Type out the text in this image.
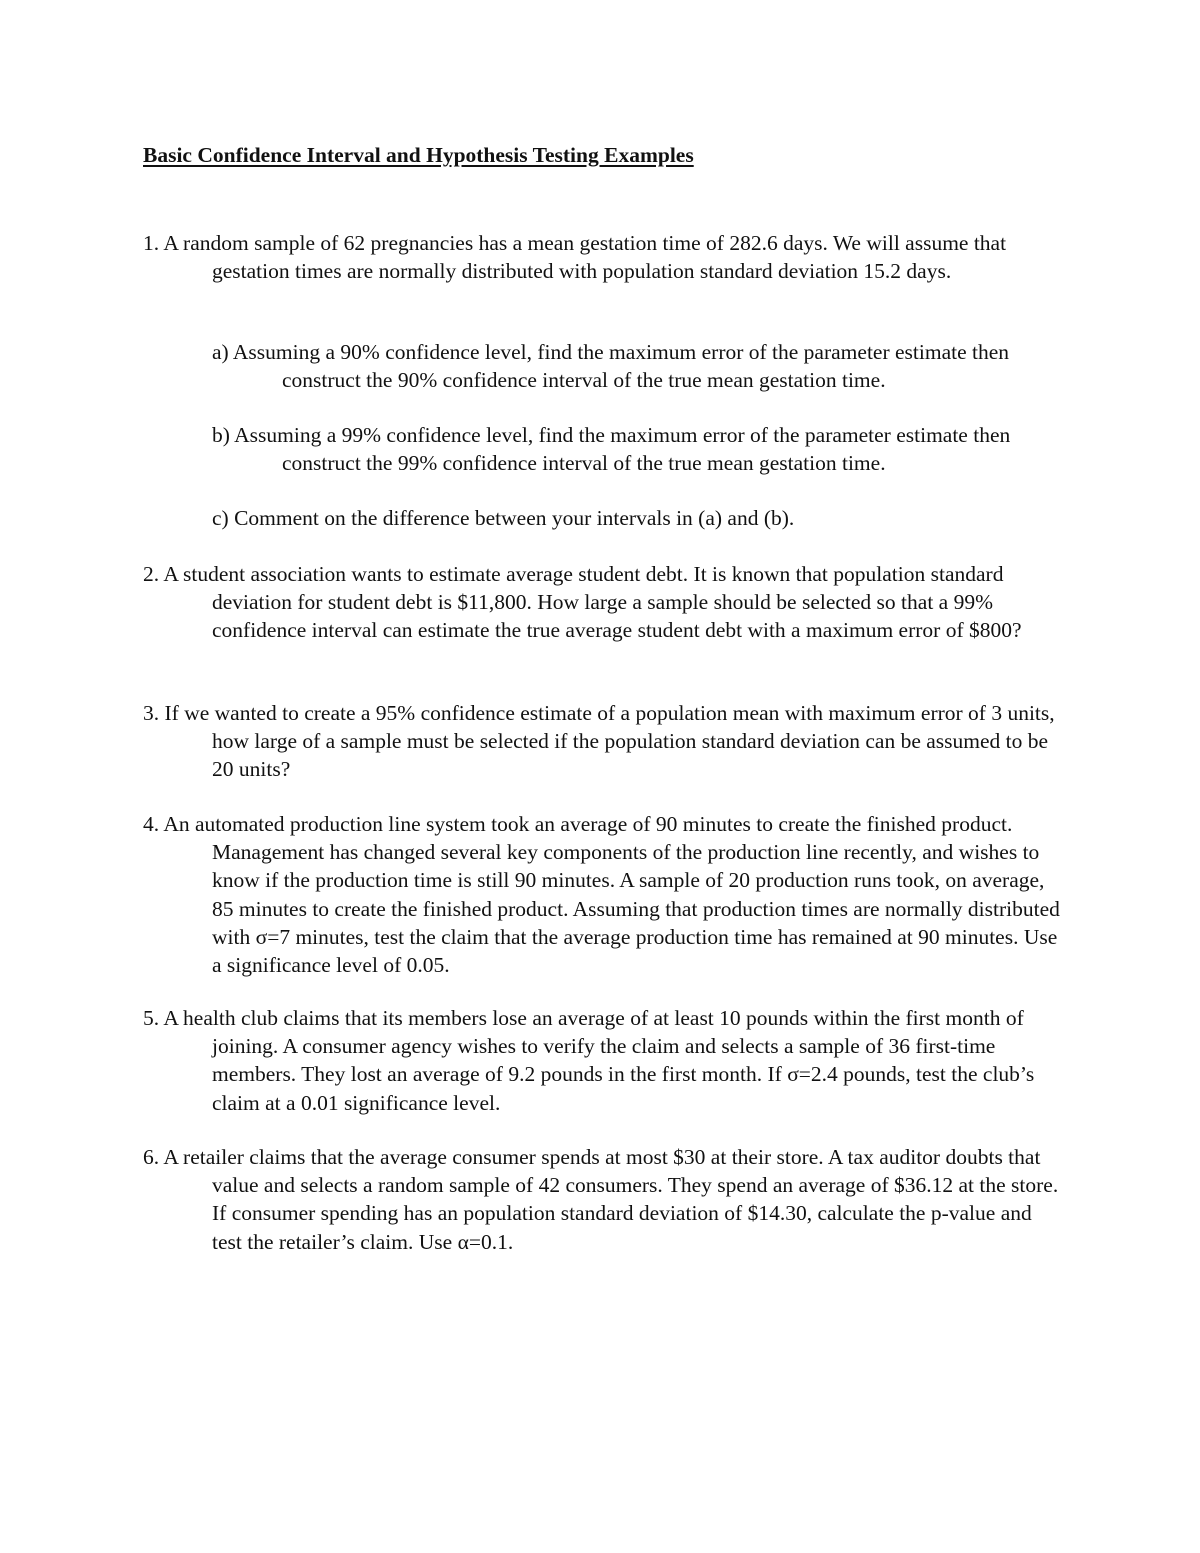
Basic Confidence Interval and Hypothesis Testing Examples

1. A random sample of 62 pregnancies has a mean gestation time of 282.6 days. We will assume that gestation times are normally distributed with population standard deviation 15.2 days.

a) Assuming a 90% confidence level, find the maximum error of the parameter estimate then construct the 90% confidence interval of the true mean gestation time.

b) Assuming a 99% confidence level, find the maximum error of the parameter estimate then construct the 99% confidence interval of the true mean gestation time.

c) Comment on the difference between your intervals in (a) and (b).

2. A student association wants to estimate average student debt. It is known that population standard deviation for student debt is $11,800. How large a sample should be selected so that a 99% confidence interval can estimate the true average student debt with a maximum error of $800?

3. If we wanted to create a 95% confidence estimate of a population mean with maximum error of 3 units, how large of a sample must be selected if the population standard deviation can be assumed to be 20 units?

4. An automated production line system took an average of 90 minutes to create the finished product. Management has changed several key components of the production line recently, and wishes to know if the production time is still 90 minutes. A sample of 20 production runs took, on average, 85 minutes to create the finished product. Assuming that production times are normally distributed with σ=7 minutes, test the claim that the average production time has remained at 90 minutes. Use a significance level of 0.05.

5. A health club claims that its members lose an average of at least 10 pounds within the first month of joining. A consumer agency wishes to verify the claim and selects a sample of 36 first-time members. They lost an average of 9.2 pounds in the first month. If σ=2.4 pounds, test the club’s claim at a 0.01 significance level.

6. A retailer claims that the average consumer spends at most $30 at their store. A tax auditor doubts that value and selects a random sample of 42 consumers. They spend an average of $36.12 at the store. If consumer spending has an population standard deviation of $14.30, calculate the p-value and test the retailer’s claim. Use α=0.1.
